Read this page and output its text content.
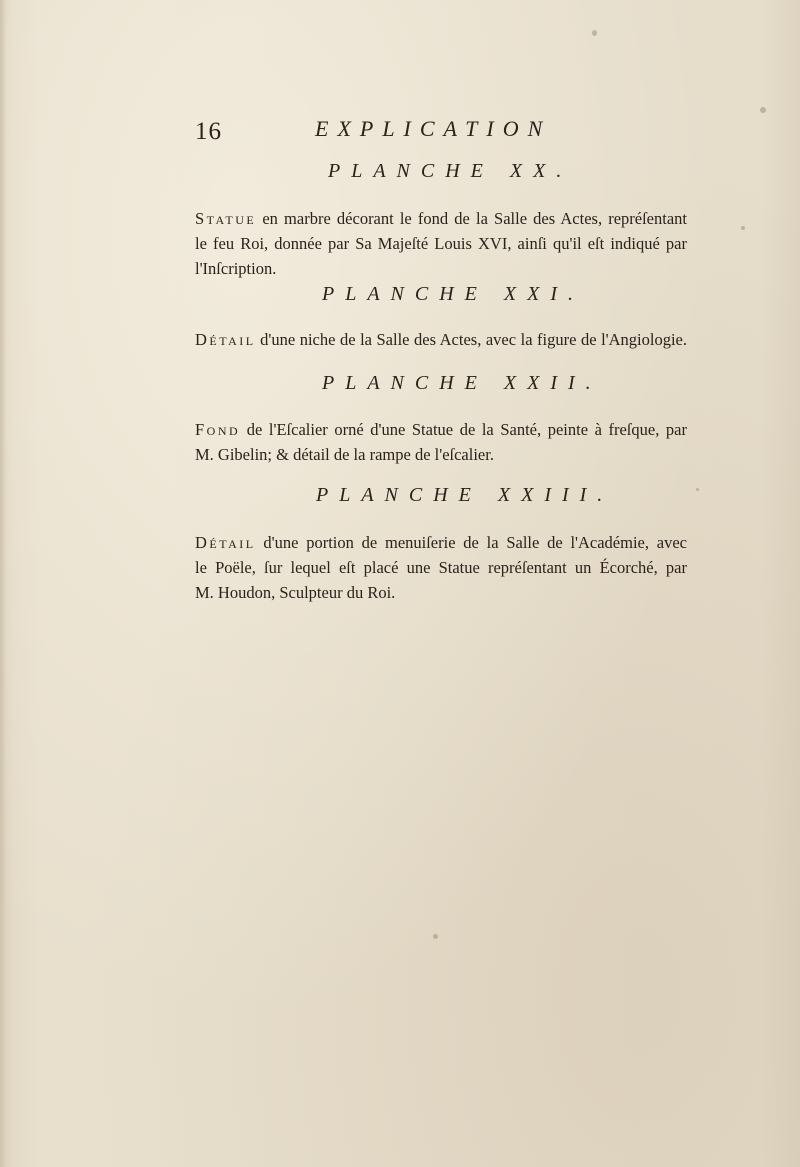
16	EXPLICATION
PLANCHE XX.
Statue en marbre décorant le fond de la Salle des Actes, repréſentant
le feu Roi, donnée par Sa Majeſté Louis XVI, ainſi qu'il eſt indiqué par
l'Inſcription.
PLANCHE XXI.
Détail d'une niche de la Salle des Actes, avec la figure de l'Angiologie.
PLANCHE XXII.
Fond de l'Eſcalier orné d'une Statue de la Santé, peinte à freſque, par
M. Gibelin; & détail de la rampe de l'eſcalier.
PLANCHE XXIII.
Détail d'une portion de menuiſerie de la Salle de l'Académie, avec
le Poële, ſur lequel eſt placé une Statue repréſentant un Écorché, par
M. Houdon, Sculpteur du Roi.
